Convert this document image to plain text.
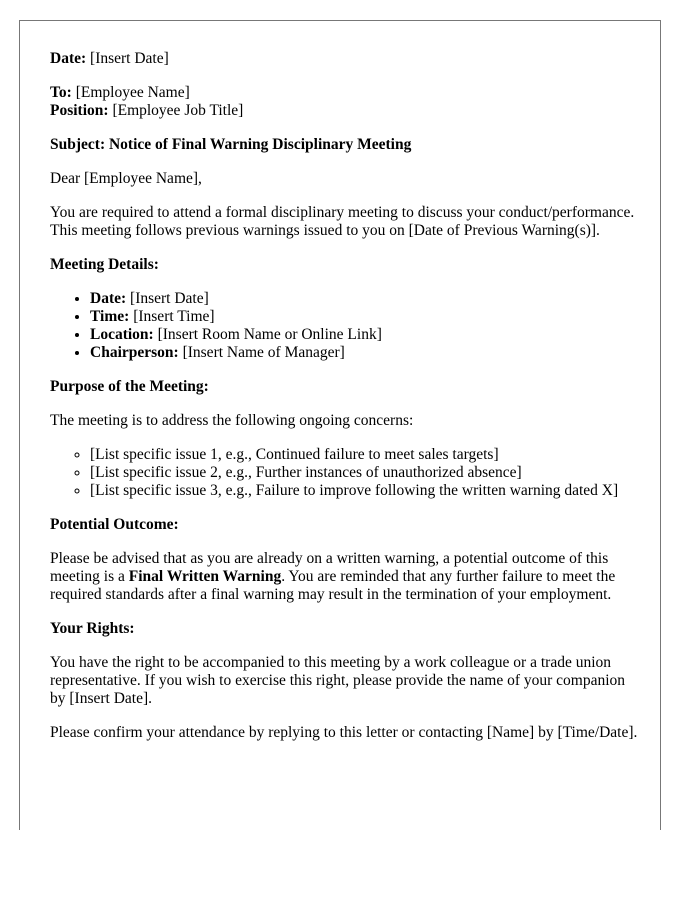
Date: [Insert Date]

To: [Employee Name]

Position: [Employee Job Title]

Subject: Notice of Final Warning Disciplinary Meeting

Dear [Employee Name],

You are required to attend a formal disciplinary meeting to discuss your conduct/performance. This meeting follows previous warnings issued to you on [Date of Previous Warning(s)].

Meeting Details:

• Date: [Insert Date]
• Time: [Insert Time]
• Location: [Insert Room Name or Online Link]
• Chairperson: [Insert Name of Manager]

Purpose of the Meeting:

The meeting is to address the following ongoing concerns:

◦ [List specific issue 1, e.g., Continued failure to meet sales targets]
◦ [List specific issue 2, e.g., Further instances of unauthorized absence]
◦ [List specific issue 3, e.g., Failure to improve following the written warning dated X]

Potential Outcome:

Please be advised that as you are already on a written warning, a potential outcome of this meeting is a Final Written Warning. You are reminded that any further failure to meet the required standards after a final warning may result in the termination of your employment.

Your Rights:

You have the right to be accompanied to this meeting by a work colleague or a trade union representative. If you wish to exercise this right, please provide the name of your companion by [Insert Date].

Please confirm your attendance by replying to this letter or contacting [Name] by [Time/Date].
